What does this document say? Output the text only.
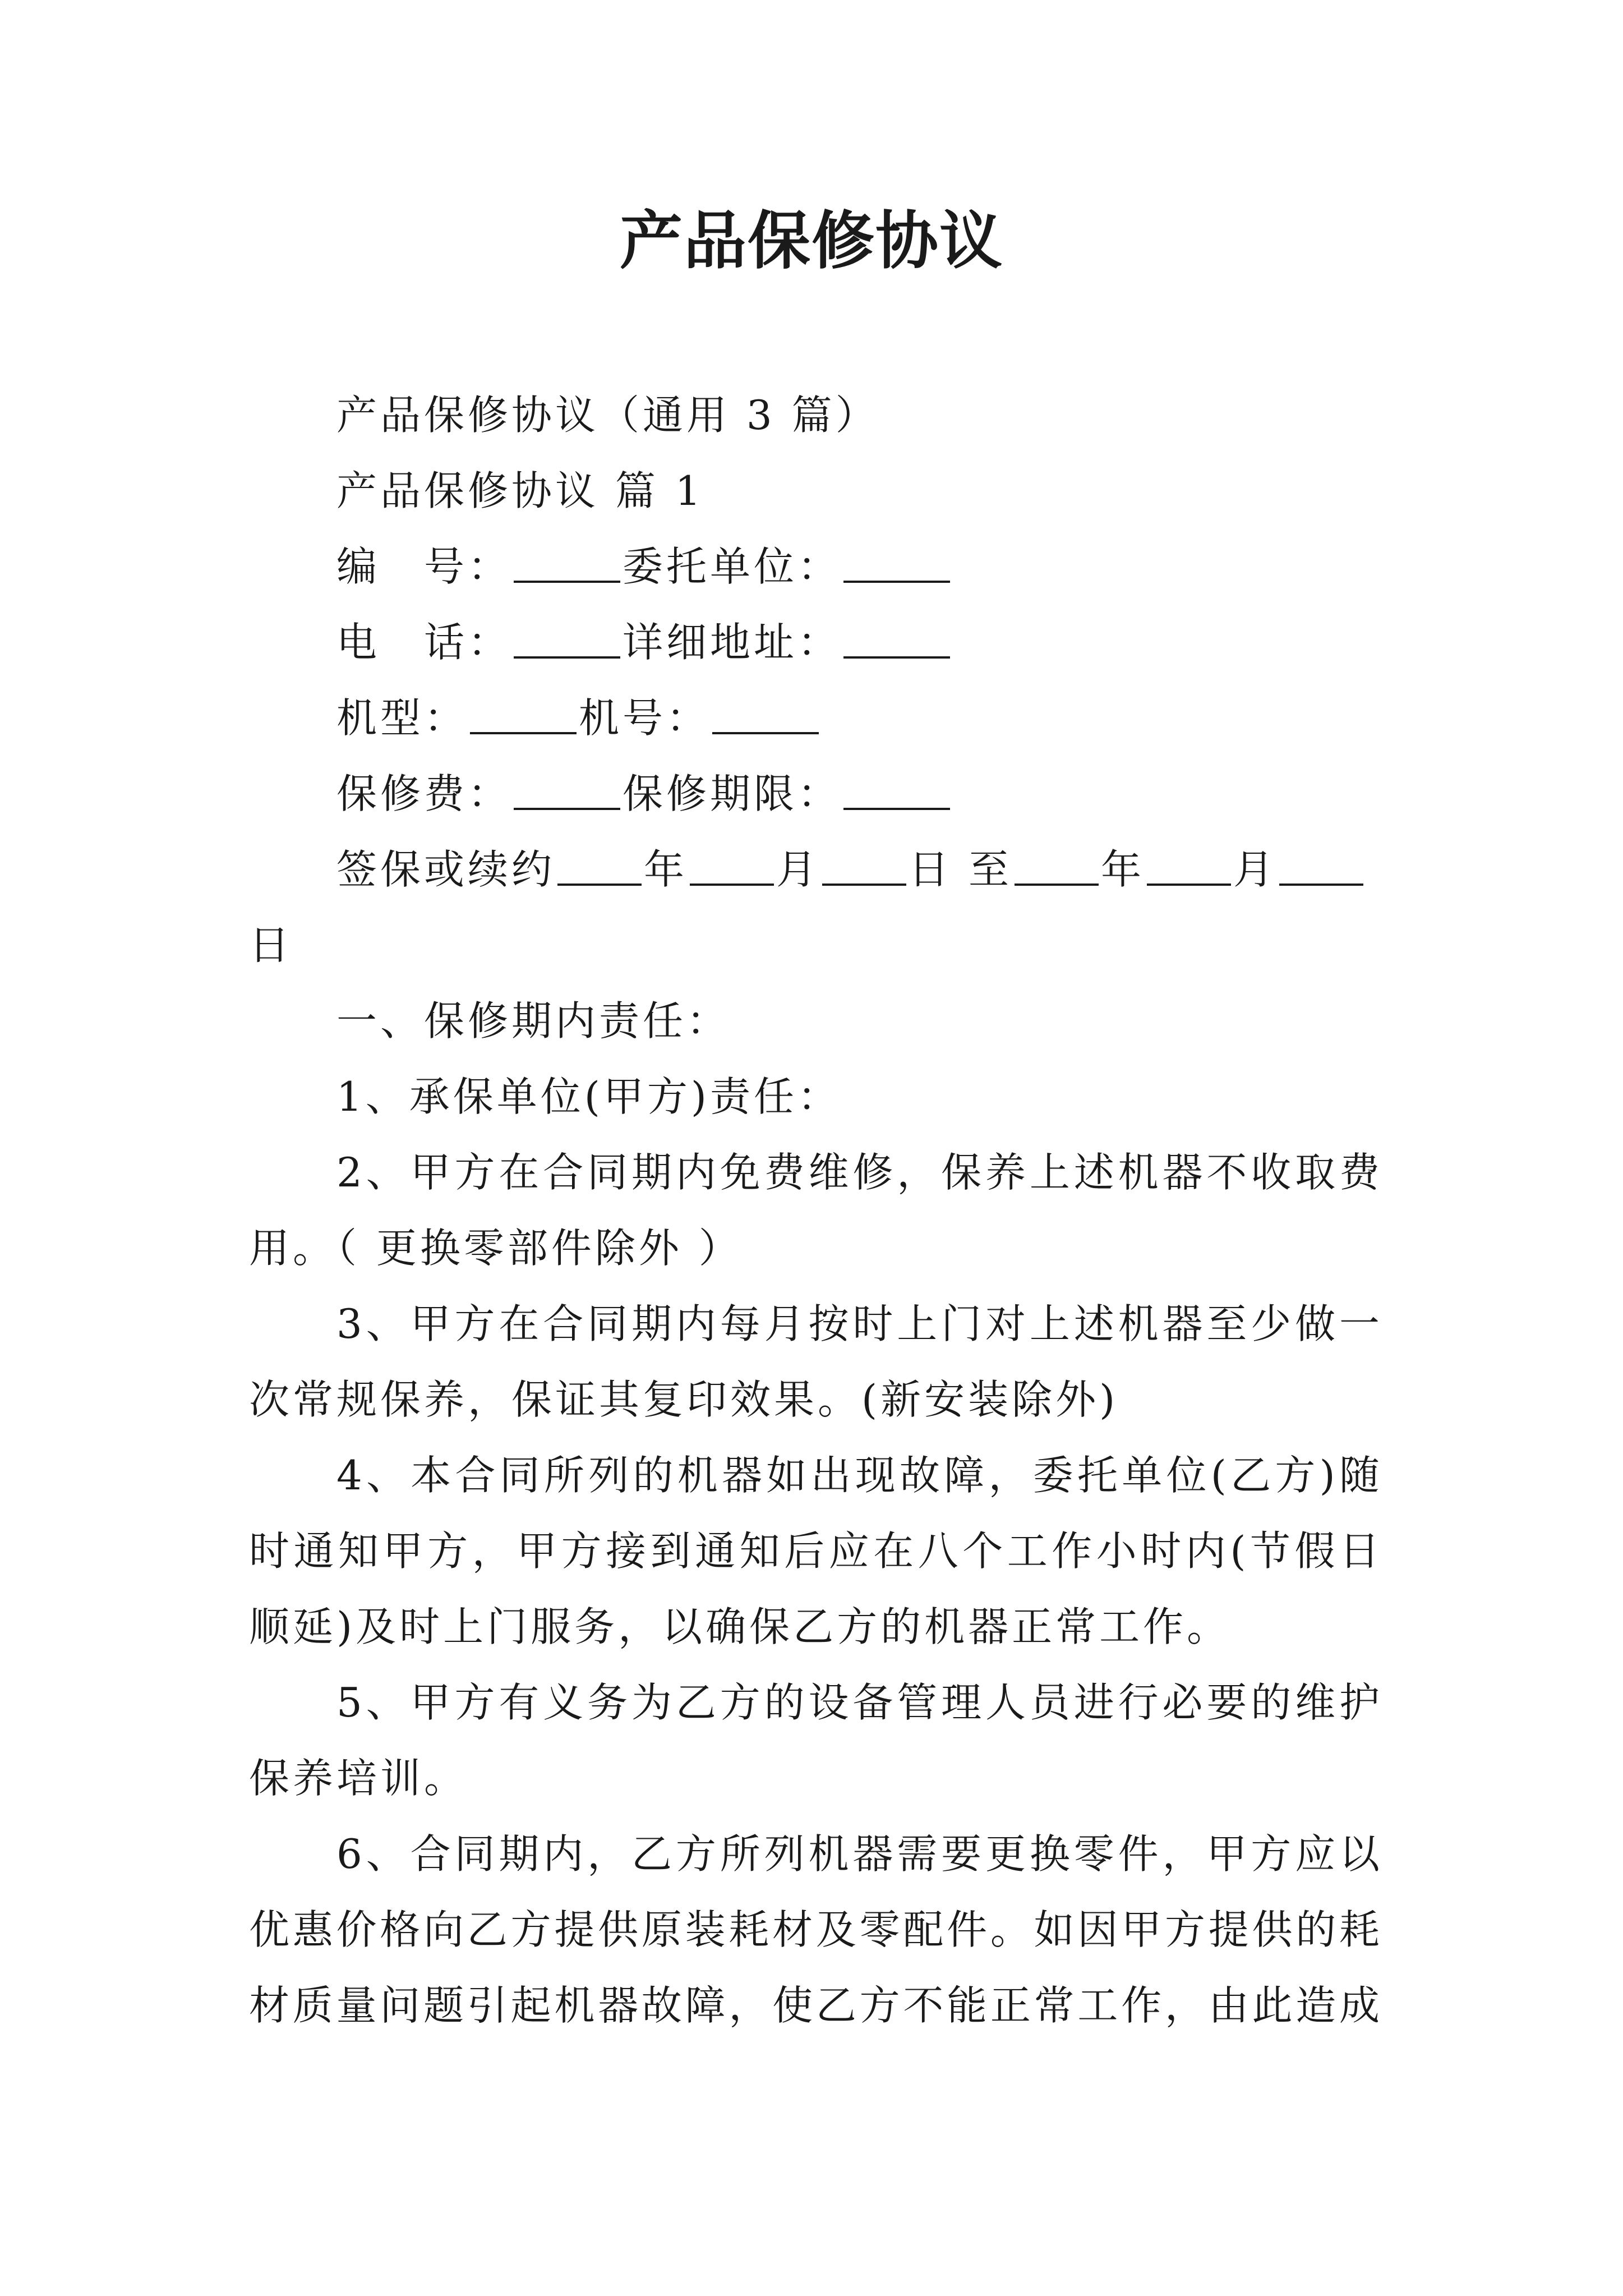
产品保修协议
产品保修协议（通用 3 篇）
产品保修协议 篇 1
编　号：	委托单位：
电　话：	详细地址：
机型：	机号：
保修费：	保修期限：
签保或续约 年 月 日 至 年 月
日
一、保修期内责任：
1、承保单位(甲方)责任：
2、甲方在合同期内免费维修，保养上述机器不收取费
用。（ 更换零部件除外 ）
3、甲方在合同期内每月按时上门对上述机器至少做一
次常规保养，保证其复印效果。(新安装除外)
4、本合同所列的机器如出现故障，委托单位(乙方)随
时通知甲方，甲方接到通知后应在八个工作小时内(节假日
顺延)及时上门服务，以确保乙方的机器正常工作。
5、甲方有义务为乙方的设备管理人员进行必要的维护
保养培训。
6、合同期内，乙方所列机器需要更换零件，甲方应以
优惠价格向乙方提供原装耗材及零配件。如因甲方提供的耗
材质量问题引起机器故障，使乙方不能正常工作，由此造成
